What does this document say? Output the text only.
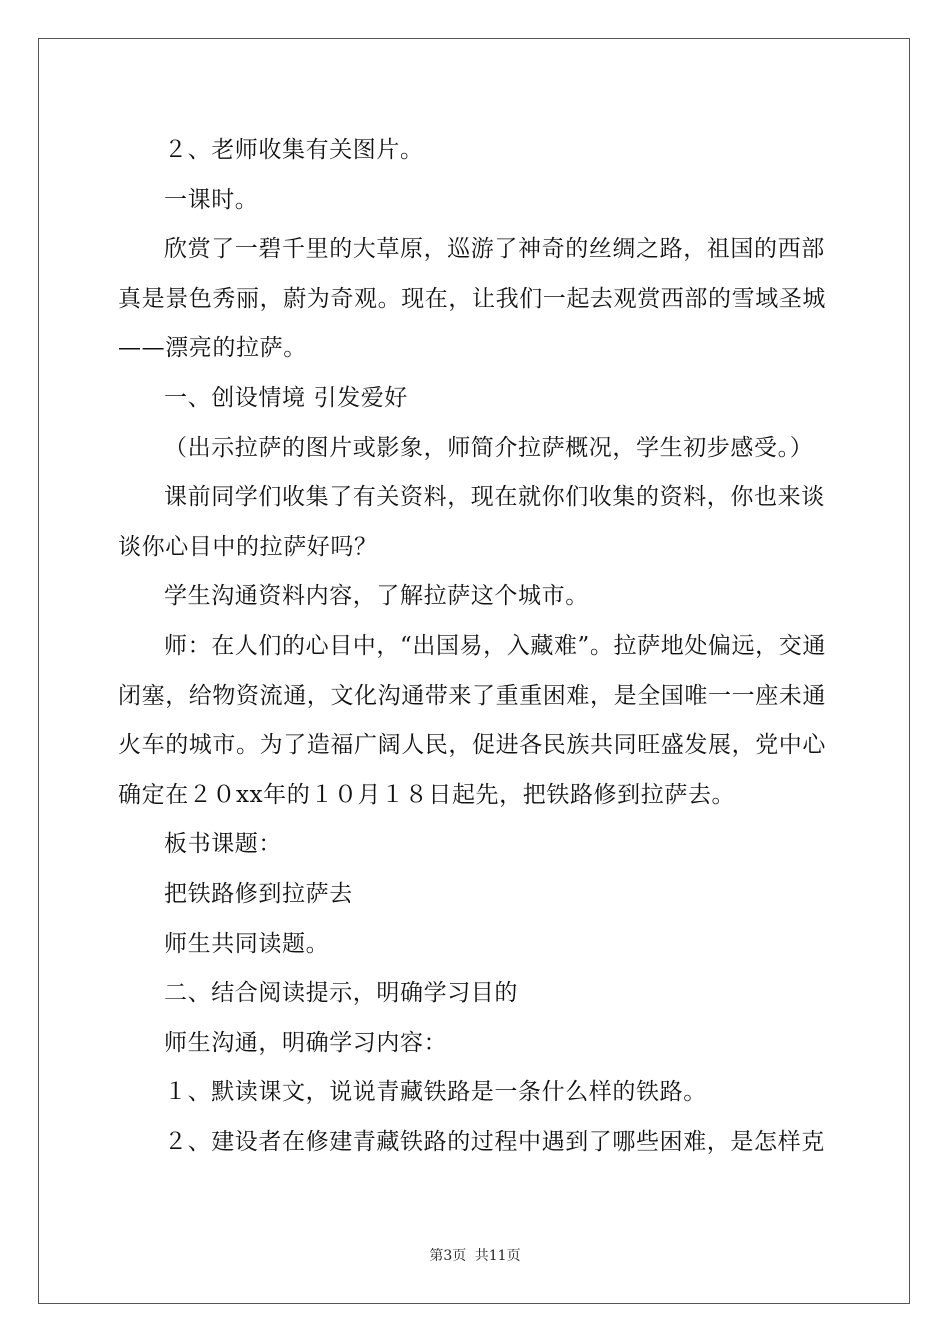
２、老师收集有关图片。

一课时。

欣赏了一碧千里的大草原，巡游了神奇的丝绸之路，祖国的西部真是景色秀丽，蔚为奇观。现在，让我们一起去观赏西部的雪域圣城——漂亮的拉萨。

一、创设情境 引发爱好

（出示拉萨的图片或影象，师简介拉萨概况，学生初步感受。）

课前同学们收集了有关资料，现在就你们收集的资料，你也来谈谈你心目中的拉萨好吗？

学生沟通资料内容，了解拉萨这个城市。

师：在人们的心目中，“出国易，入藏难”。拉萨地处偏远，交通闭塞，给物资流通，文化沟通带来了重重困难，是全国唯一一座未通火车的城市。为了造福广阔人民，促进各民族共同旺盛发展，党中心确定在２０xx年的１０月１８日起先，把铁路修到拉萨去。

板书课题：

把铁路修到拉萨去

师生共同读题。

二、结合阅读提示，明确学习目的

师生沟通，明确学习内容：

１、默读课文，说说青藏铁路是一条什么样的铁路。

２、建设者在修建青藏铁路的过程中遇到了哪些困难，是怎样克

第3页 共11页
